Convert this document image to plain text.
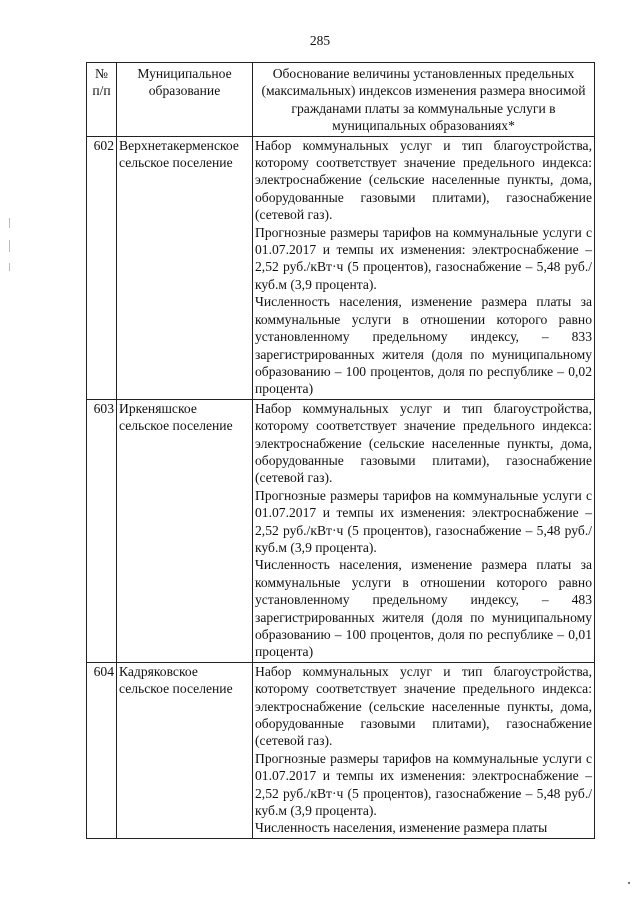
285
№ п/п	Муниципальное образование	Обоснование величины установленных предельных (максимальных) индексов изменения размера вносимой гражданами платы за коммунальные услуги в муниципальных образованиях*
602	Верхнетакерменское сельское поселение	Набор коммунальных услуг и тип благоустройства, которому соответствует значение предельного индекса: электроснабжение (сельские населенные пункты, дома, оборудованные газовыми плитами), газоснабжение (сетевой газ).

Прогнозные размеры тарифов на коммунальные услуги с 01.07.2017 и темпы их изменения: электроснабжение – 2,52 руб./кВт·ч (5 процентов), газоснабжение – 5,48 руб./куб.м (3,9 процента).

Численность населения, изменение размера платы за коммунальные услуги в отношении которого равно установленному предельному индексу, – 833 зарегистрированных жителя (доля по муниципальному образованию – 100 процентов, доля по республике – 0,02 процента)

603	Иркеняшское сельское поселение	Набор коммунальных услуг и тип благоустройства, которому соответствует значение предельного индекса: электроснабжение (сельские населенные пункты, дома, оборудованные газовыми плитами), газоснабжение (сетевой газ).

Прогнозные размеры тарифов на коммунальные услуги с 01.07.2017 и темпы их изменения: электроснабжение – 2,52 руб./кВт·ч (5 процентов), газоснабжение – 5,48 руб./куб.м (3,9 процента).

Численность населения, изменение размера платы за коммунальные услуги в отношении которого равно установленному предельному индексу, – 483 зарегистрированных жителя (доля по муниципальному образованию – 100 процентов, доля по республике – 0,01 процента)

604	Кадряковское сельское поселение	Набор коммунальных услуг и тип благоустройства, которому соответствует значение предельного индекса: электроснабжение (сельские населенные пункты, дома, оборудованные газовыми плитами), газоснабжение (сетевой газ).

Прогнозные размеры тарифов на коммунальные услуги с 01.07.2017 и темпы их изменения: электроснабжение – 2,52 руб./кВт·ч (5 процентов), газоснабжение – 5,48 руб./куб.м (3,9 процента).

Численность населения, изменение размера платы
